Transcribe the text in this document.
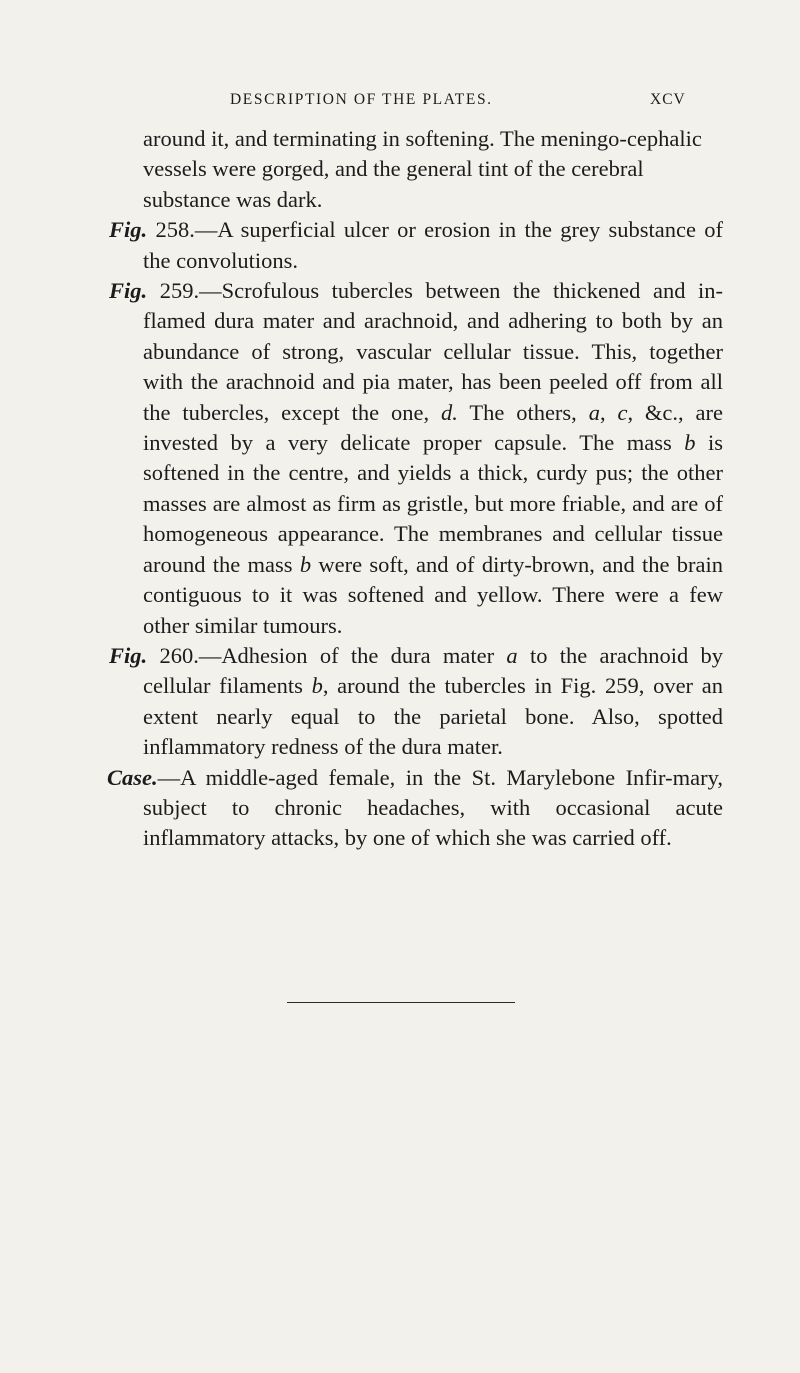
DESCRIPTION OF THE PLATES.	XCV

around it, and terminating in softening. The meningo-cephalic vessels were gorged, and the general tint of the cerebral substance was dark.

Fig. 258.—A superficial ulcer or erosion in the grey substance of the convolutions.

Fig. 259.—Scrofulous tubercles between the thickened and in-flamed dura mater and arachnoid, and adhering to both by an abundance of strong, vascular cellular tissue. This, together with the arachnoid and pia mater, has been peeled off from all the tubercles, except the one, d. The others, a, c, &c., are invested by a very delicate proper capsule. The mass b is softened in the centre, and yields a thick, curdy pus; the other masses are almost as firm as gristle, but more friable, and are of homogeneous appearance. The membranes and cellular tissue around the mass b were soft, and of dirty-brown, and the brain contiguous to it was softened and yellow. There were a few other similar tumours.

Fig. 260.—Adhesion of the dura mater a to the arachnoid by cellular filaments b, around the tubercles in Fig. 259, over an extent nearly equal to the parietal bone. Also, spotted inflammatory redness of the dura mater.

Case.—A middle-aged female, in the St. Marylebone Infir-mary, subject to chronic headaches, with occasional acute inflammatory attacks, by one of which she was carried off.
